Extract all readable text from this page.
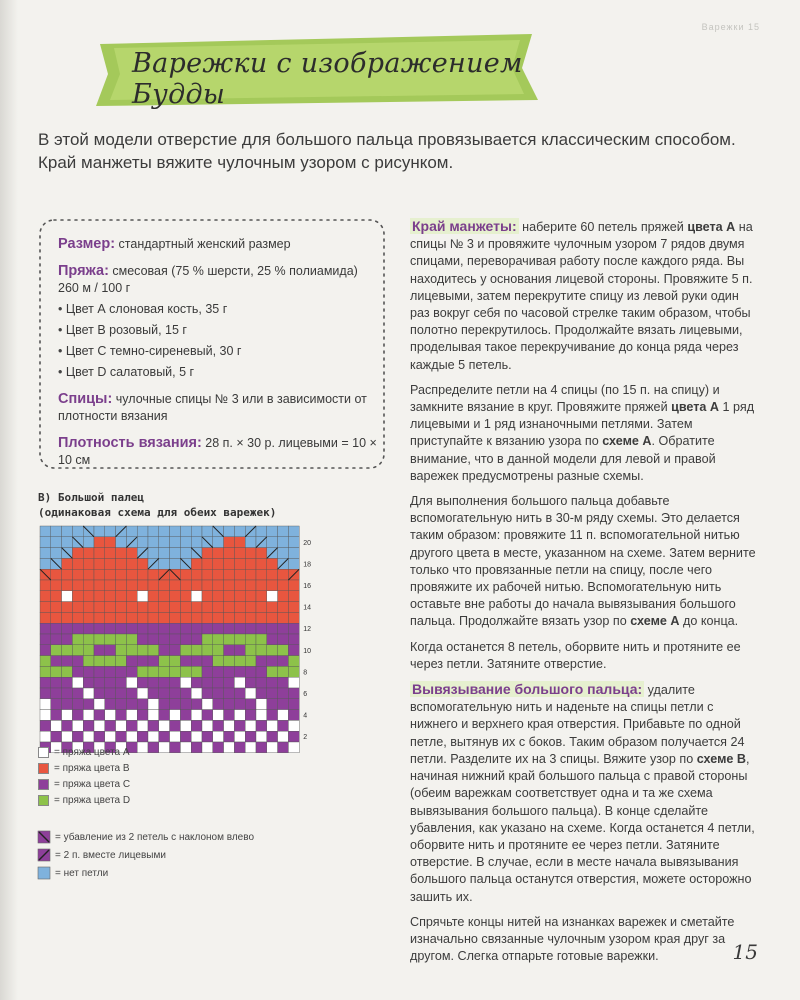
Варежки 15
Варежки с изображением Будды
В этой модели отверстие для большого пальца провязывается классическим способом. Край манжеты вяжите чулочным узором с рисунком.
Размер: стандартный женский размер
Пряжа: смесовая (75 % шерсти, 25 % полиамида) 260 м / 100 г
• Цвет А слоновая кость, 35 г
• Цвет В розовый, 15 г
• Цвет С темно-сиреневый, 30 г
• Цвет D салатовый, 5 г
Спицы: чулочные спицы № 3 или в зависимости от плотности вязания
Плотность вязания: 28 п. × 30 р. лицевыми = 10 × 10 см
B) Большой палец
(одинаковая схема для обеих варежек)
20
18
16
14
12
10
8
6
4
2
= пряжа цвета А
= пряжа цвета В
= пряжа цвета С
= пряжа цвета D
= убавление из 2 петель с наклоном влево
= 2 п. вместе лицевыми
= нет петли

Край манжеты: наберите 60 петель пряжей цвета А на спицы № 3 и провяжите чулочным узором 7 рядов двумя спицами, переворачивая работу после каждого ряда. Вы находитесь у основания лицевой стороны. Провяжите 5 п. лицевыми, затем перекрутите спицу из левой руки один раз вокруг себя по часовой стрелке таким образом, чтобы полотно перекрутилось. Продолжайте вязать лицевыми, проделывая такое перекручивание до конца ряда через каждые 5 петель.

Распределите петли на 4 спицы (по 15 п. на спицу) и замкните вязание в круг. Провяжите пряжей цвета А 1 ряд лицевыми и 1 ряд изнаночными петлями. Затем приступайте к вязанию узора по схеме А. Обратите внимание, что в данной модели для левой и правой варежек предусмотрены разные схемы.

Для выполнения большого пальца добавьте вспомогательную нить в 30-м ряду схемы. Это делается таким образом: провяжите 11 п. вспомогательной нитью другого цвета в месте, указанном на схеме. Затем верните только что провязанные петли на спицу, после чего провяжите их рабочей нитью. Вспомогательную нить оставьте вне работы до начала вывязывания большого пальца. Продолжайте вязать узор по схеме А до конца.

Когда останется 8 петель, оборвите нить и протяните ее через петли. Затяните отверстие.

Вывязывание большого пальца: удалите вспомогательную нить и наденьте на спицы петли с нижнего и верхнего края отверстия. Прибавьте по одной петле, вытянув их с боков. Таким образом получается 24 петли. Разделите их на 3 спицы. Вяжите узор по схеме В, начиная нижний край большого пальца с правой стороны (обеим варежкам соответствует одна и та же схема вывязывания большого пальца). В конце сделайте убавления, как указано на схеме. Когда останется 4 петли, оборвите нить и протяните ее через петли. Затяните отверстие. В случае, если в месте начала вывязывания большого пальца останутся отверстия, можете осторожно зашить их.

Спрячьте концы нитей на изнанках варежек и сметайте изначально связанные чулочным узором края друг за другом. Слегка отпарьте готовые варежки.	15
